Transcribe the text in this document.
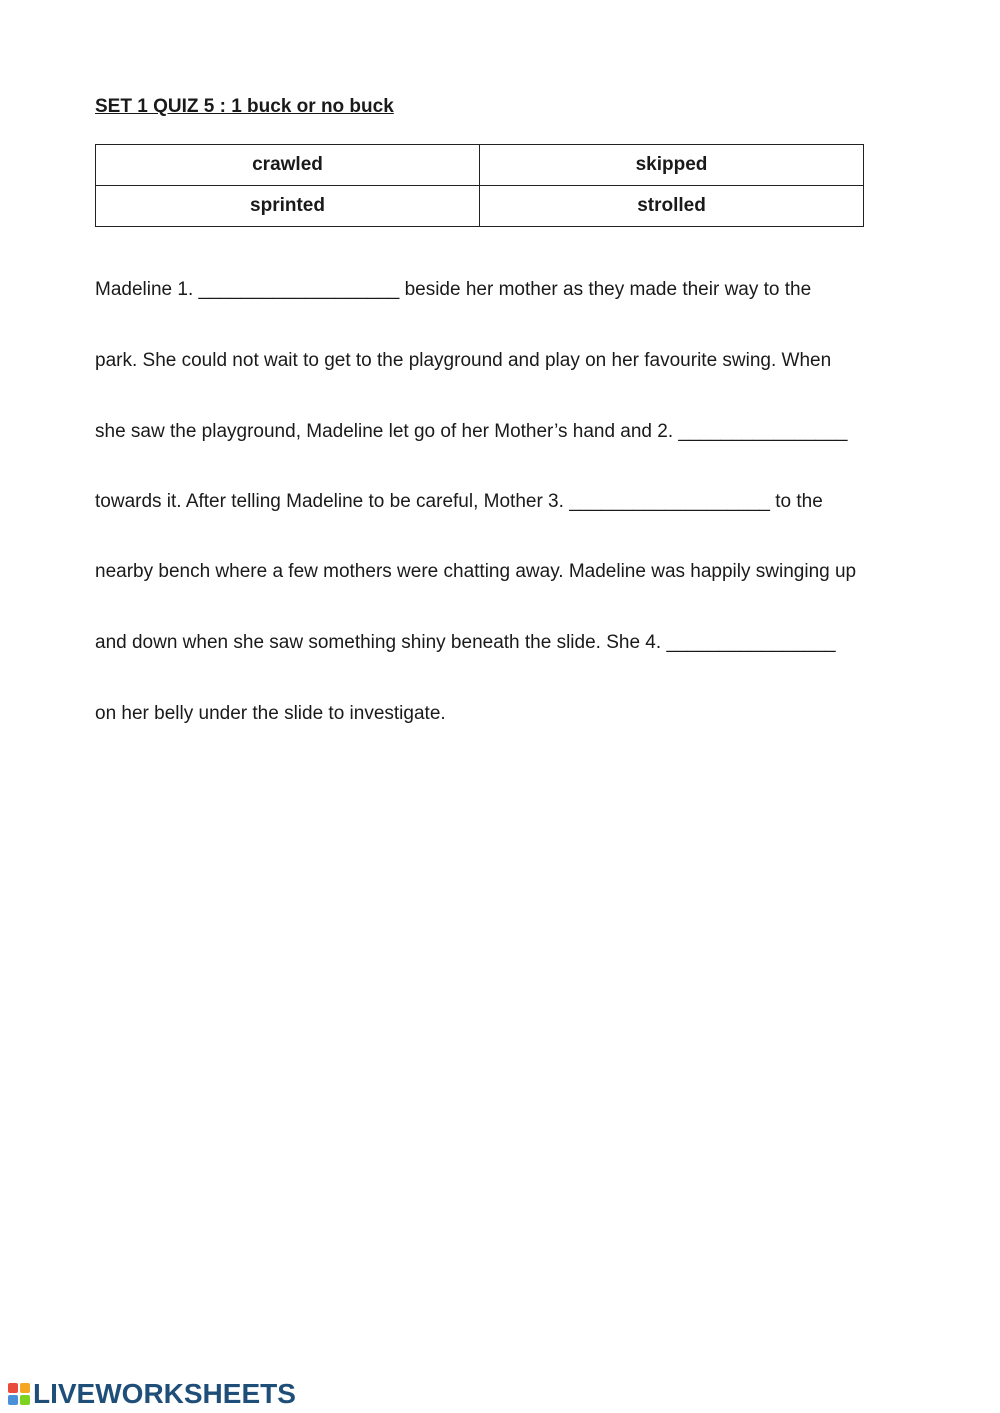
SET 1 QUIZ 5 : 1 buck or no buck
crawled	skipped
sprinted	strolled

Madeline 1. ___________________ beside her mother as they made their way to the

park. She could not wait to get to the playground and play on her favourite swing. When

she saw the playground, Madeline let go of her Mother’s hand and 2. ________________

towards it. After telling Madeline to be careful, Mother 3. ___________________ to the

nearby bench where a few mothers were chatting away. Madeline was happily swinging up

and down when she saw something shiny beneath the slide. She 4. ________________

on her belly under the slide to investigate.

LIVEWORKSHEETS
